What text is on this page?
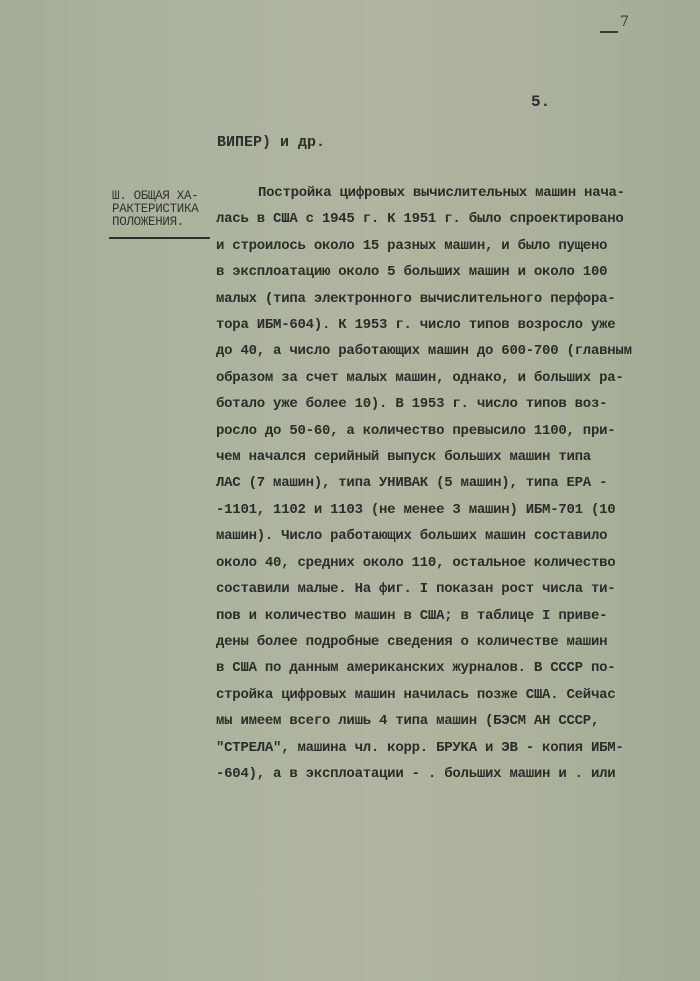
7
5.
ВИПЕР) и др.
Ш. ОБЩАЯ ХА-
РАКТЕРИСТИКА
ПОЛОЖЕНИЯ.
Постройка цифровых вычислительных машин нача-
лась в США с 1945 г. К 1951 г. было спроектировано
и строилось около 15 разных машин, и было пущено
в эксплоатацию около 5 больших машин и около 100
малых (типа электронного вычислительного перфора-
тора ИБМ-604). К 1953 г. число типов возросло уже
до 40, а число работающих машин до 600-700 (главным
образом за счет малых машин, однако, и больших ра-
ботало уже более 10). В 1953 г. число типов воз-
росло до 50-60, а количество превысило 1100, при-
чем начался серийный выпуск больших машин типа
ЛАС (7 машин), типа УНИВАК (5 машин), типа ЕРА -
-1101, 1102 и 1103 (не менее 3 машин) ИБМ-701 (10
машин). Число работающих больших машин составило
около 40, средних около 110, остальное количество
составили малые. На фиг. I показан рост числа ти-
пов и количество машин в США; в таблице I приве-
дены более подробные сведения о количестве машин
в США по данным американских журналов. В СССР по-
стройка цифровых машин начилась позже США. Сейчас
мы имеем всего лишь 4 типа машин (БЭСМ АН СССР,
"СТРЕЛА", машина чл. корр. БРУКА и ЭВ - копия ИБМ-
-604), а в эксплоатации - . больших машин и . или
